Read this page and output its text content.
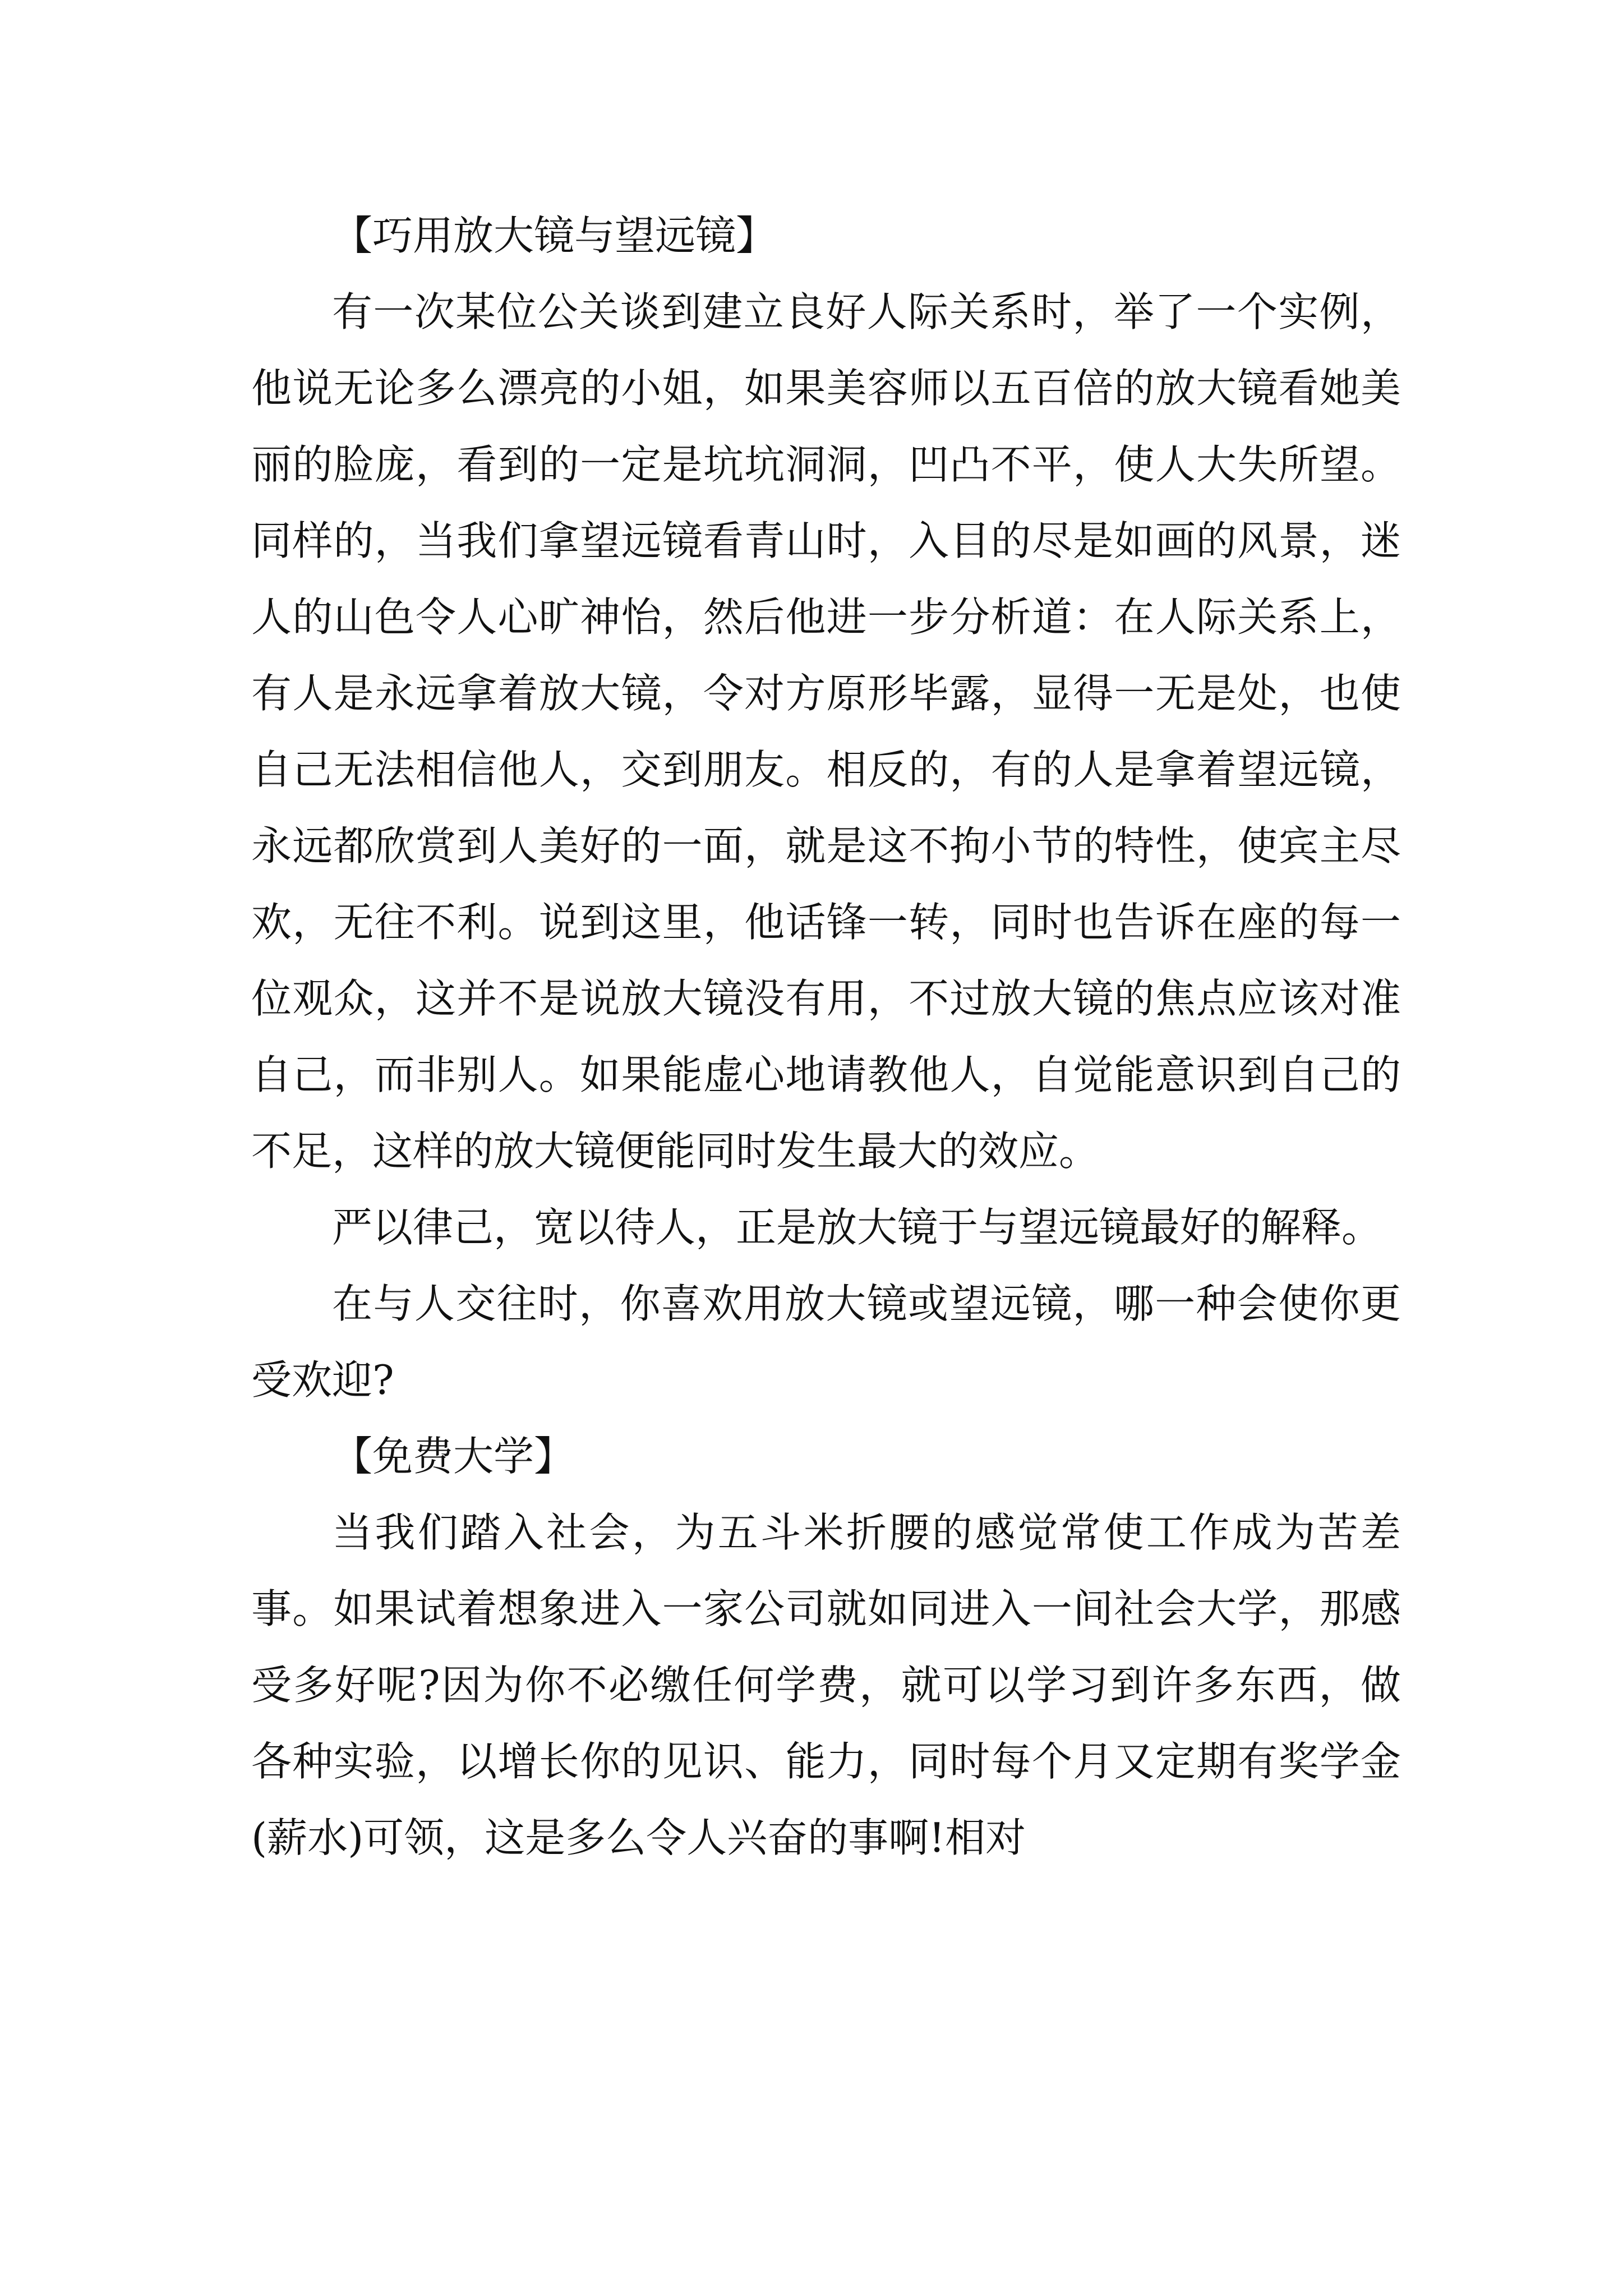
【巧用放大镜与望远镜】

有一次某位公关谈到建立良好人际关系时，举了一个实例，他说无论多么漂亮的小姐，如果美容师以五百倍的放大镜看她美丽的脸庞，看到的一定是坑坑洞洞，凹凸不平，使人大失所望。同样的，当我们拿望远镜看青山时，入目的尽是如画的风景，迷人的山色令人心旷神怡，然后他进一步分析道：在人际关系上，有人是永远拿着放大镜，令对方原形毕露，显得一无是处，也使自己无法相信他人，交到朋友。相反的，有的人是拿着望远镜，永远都欣赏到人美好的一面，就是这不拘小节的特性，使宾主尽欢，无往不利。说到这里，他话锋一转，同时也告诉在座的每一位观众，这并不是说放大镜没有用，不过放大镜的焦点应该对准自己，而非别人。如果能虚心地请教他人，自觉能意识到自己的不足，这样的放大镜便能同时发生最大的效应。

严以律己，宽以待人，正是放大镜于与望远镜最好的解释。

在与人交往时，你喜欢用放大镜或望远镜，哪一种会使你更受欢迎?

【免费大学】

当我们踏入社会，为五斗米折腰的感觉常使工作成为苦差事。如果试着想象进入一家公司就如同进入一间社会大学，那感受多好呢?因为你不必缴任何学费，就可以学习到许多东西，做各种实验，以增长你的见识、能力，同时每个月又定期有奖学金(薪水)可领，这是多么令人兴奋的事啊!相对
